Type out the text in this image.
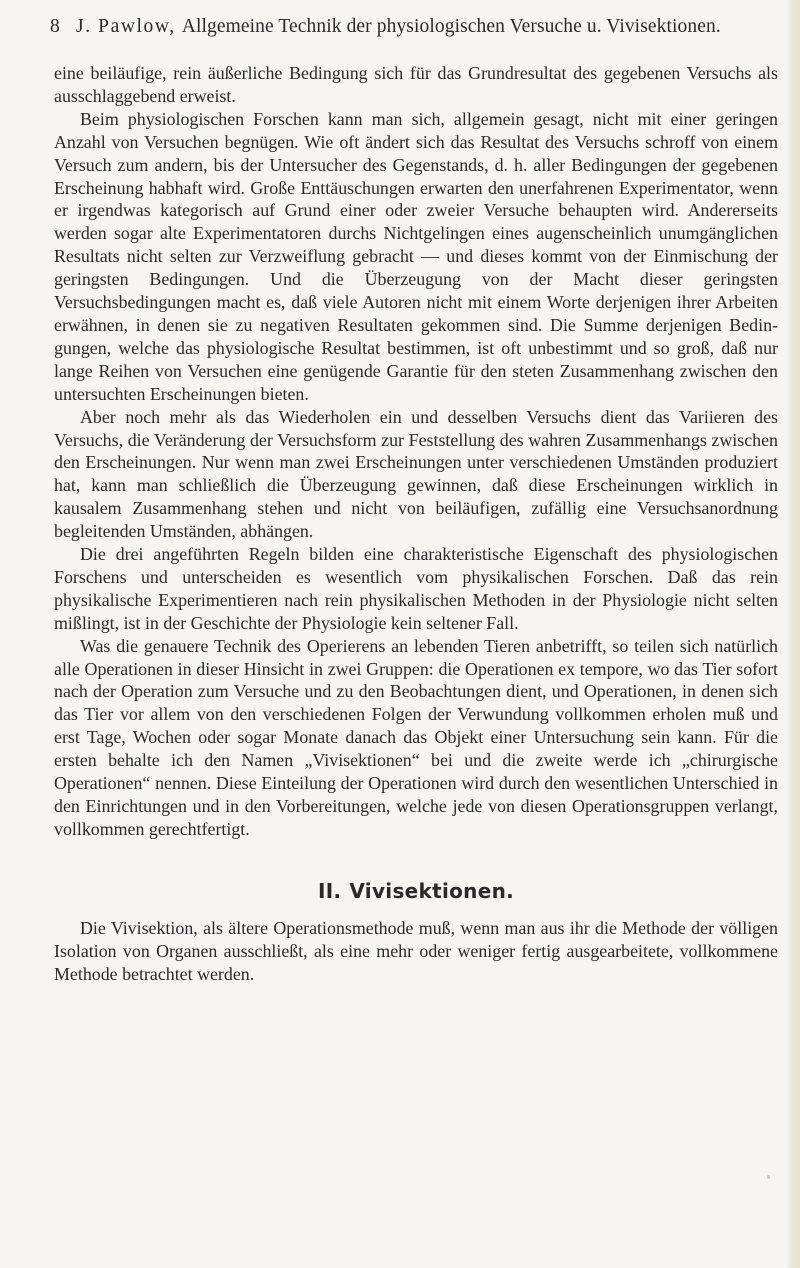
8 J. Pawlow, Allgemeine Technik der physiologischen Versuche u. Vivisektionen.

eine beiläufige, rein äußerliche Bedingung sich für das Grundresultat des gegebenen Versuchs als ausschlaggebend erweist.

Beim physiologischen Forschen kann man sich, allgemein gesagt, nicht mit einer geringen Anzahl von Versuchen begnügen. Wie oft ändert sich das Resultat des Versuchs schroff von einem Versuch zum andern, bis der Untersucher des Gegenstands, d. h. aller Bedingungen der gegebenen Erscheinung habhaft wird. Große Enttäuschungen erwarten den unerfahrenen Experimentator, wenn er irgendwas kategorisch auf Grund einer oder zweier Versuche behaupten wird. Andererseits werden sogar alte Experimentatoren durchs Nichtgelingen eines augenscheinlich unumgänglichen Resultats nicht selten zur Verzweiflung gebracht — und dieses kommt von der Einmischung der geringsten Bedingungen. Und die Überzeugung von der Macht dieser geringsten Versuchsbedingungen macht es, daß viele Autoren nicht mit einem Worte derjenigen ihrer Arbeiten erwähnen, in denen sie zu negativen Resultaten gekommen sind. Die Summe derjenigen Bedingungen, welche das physiologische Resultat bestimmen, ist oft unbestimmt und so groß, daß nur lange Reihen von Versuchen eine genügende Garantie für den steten Zusammenhang zwischen den untersuchten Erscheinungen bieten.

Aber noch mehr als das Wiederholen ein und desselben Versuchs dient das Variieren des Versuchs, die Veränderung der Versuchsform zur Feststellung des wahren Zusammenhangs zwischen den Erscheinungen. Nur wenn man zwei Erscheinungen unter verschiedenen Umständen produziert hat, kann man schließlich die Überzeugung gewinnen, daß diese Erscheinungen wirklich in kausalem Zusammenhang stehen und nicht von beiläufigen, zufällig eine Versuchsanordnung begleitenden Umständen, abhängen.

Die drei angeführten Regeln bilden eine charakteristische Eigenschaft des physiologischen Forschens und unterscheiden es wesentlich vom physikalischen Forschen. Daß das rein physikalische Experimentieren nach rein physikalischen Methoden in der Physiologie nicht selten mißlingt, ist in der Geschichte der Physiologie kein seltener Fall.

Was die genauere Technik des Operierens an lebenden Tieren anbetrifft, so teilen sich natürlich alle Operationen in dieser Hinsicht in zwei Gruppen: die Operationen ex tempore, wo das Tier sofort nach der Operation zum Versuche und zu den Beobachtungen dient, und Operationen, in denen sich das Tier vor allem von den verschiedenen Folgen der Verwundung vollkommen erholen muß und erst Tage, Wochen oder sogar Monate danach das Objekt einer Untersuchung sein kann. Für die ersten behalte ich den Namen „Vivisektionen“ bei und die zweite werde ich „chirurgische Operationen“ nennen. Diese Einteilung der Operationen wird durch den wesentlichen Unterschied in den Einrichtungen und in den Vorbereitungen, welche jede von diesen Operationsgruppen verlangt, vollkommen gerechtfertigt.

II. Vivisektionen.

Die Vivisektion, als ältere Operationsmethode muß, wenn man aus ihr die Methode der völligen Isolation von Organen ausschließt, als eine mehr oder weniger fertig ausgearbeitete, vollkommene Methode betrachtet werden.
